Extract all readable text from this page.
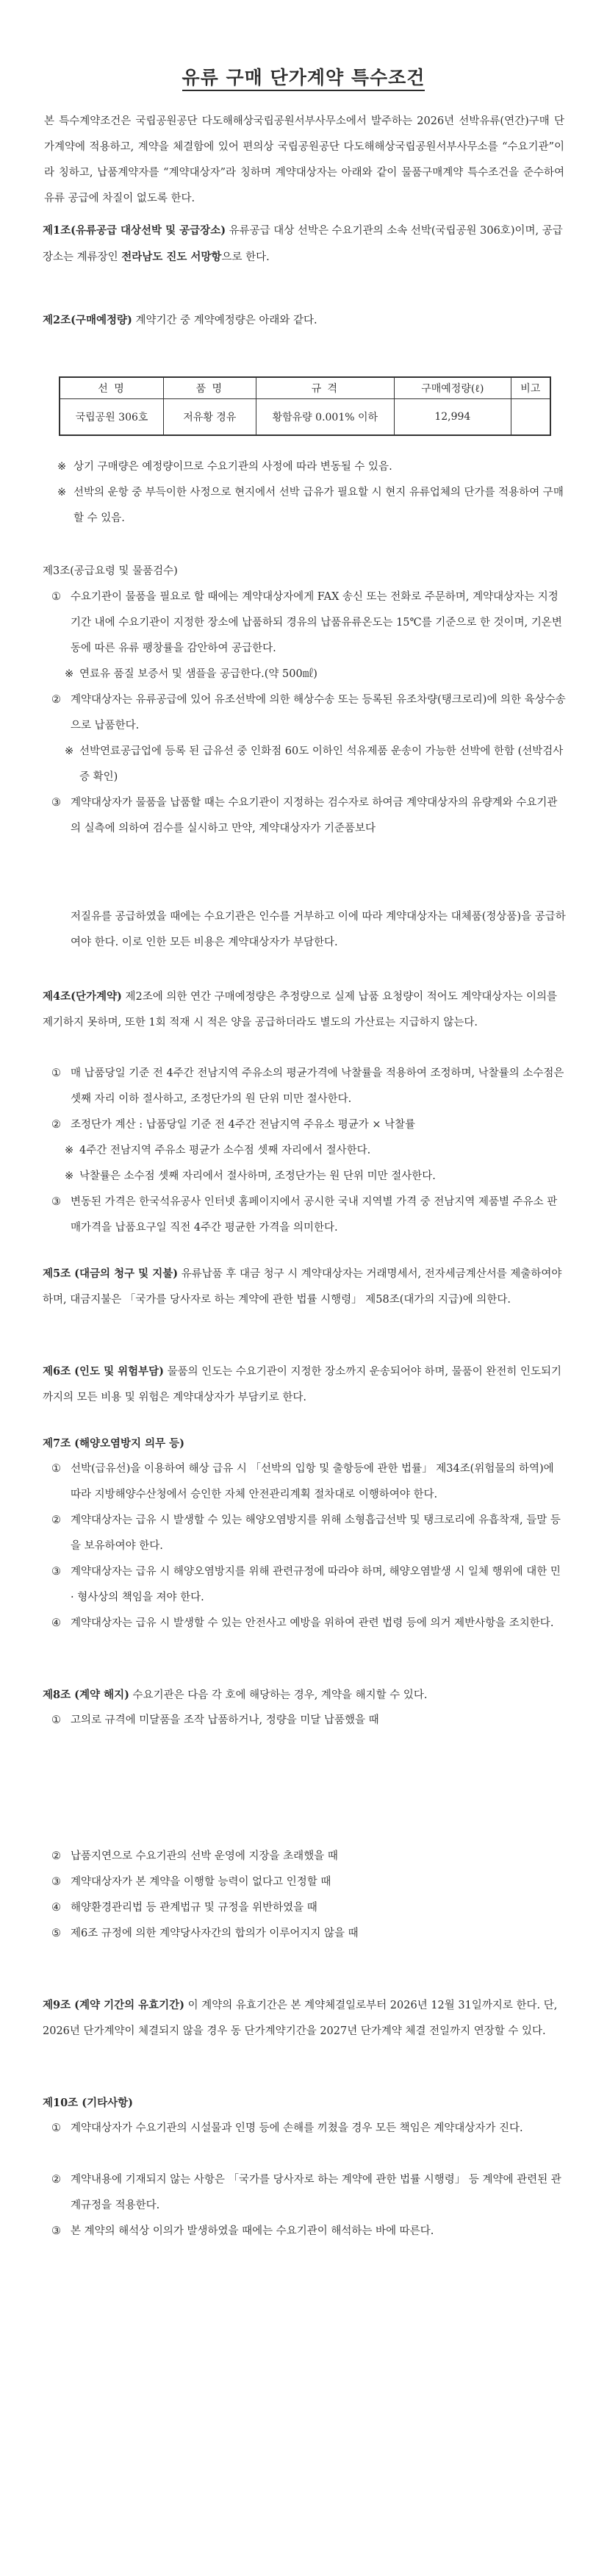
유류 구매 단가계약 특수조건

본 특수계약조건은 국립공원공단 다도해해상국립공원서부사무소에서 발주하는 2026년 선박유류(연간)구매 단가계약에 적용하고, 계약을 체결함에 있어 편의상 국립공원공단 다도해해상국립공원서부사무소를 “수요기관”이라 칭하고, 납품계약자를 “계약대상자”라 칭하며 계약대상자는 아래와 같이 물품구매계약 특수조건을 준수하여 유류 공급에 차질이 없도록 한다.

제1조(유류공급 대상선박 및 공급장소) 유류공급 대상 선박은 수요기관의 소속 선박(국립공원 306호)이며, 공급장소는 계류장인 전라남도 진도 서망항으로 한다.

제2조(구매예정량) 계약기간 중 계약예정량은 아래와 같다.

선 명	품 명	규 격	구매예정량(ℓ)	비고
국립공원 306호	저유황 경유	황함유량 0.001% 이하	12,994	

※ 상기 구매량은 예정량이므로 수요기관의 사정에 따라 변동될 수 있음.

※ 선박의 운항 중 부득이한 사정으로 현지에서 선박 급유가 필요할 시 현지 유류업체의 단가를 적용하여 구매할 수 있음.

제3조(공급요령 및 물품검수)

① 수요기관이 물품을 필요로 할 때에는 계약대상자에게 FAX 송신 또는 전화로 주문하며, 계약대상자는 지정기간 내에 수요기관이 지정한 장소에 납품하되 경유의 납품유류온도는 15℃를 기준으로 한 것이며, 기온변동에 따른 유류 팽창률을 감안하여 공급한다.

※ 연료유 품질 보증서 및 샘플을 공급한다.(약 500㎖)

② 계약대상자는 유류공급에 있어 유조선박에 의한 해상수송 또는 등록된 유조차량(탱크로리)에 의한 육상수송으로 납품한다.

※ 선박연료공급업에 등록 된 급유선 중 인화점 60도 이하인 석유제품 운송이 가능한 선박에 한함 (선박검사증 확인)

③ 계약대상자가 물품을 납품할 때는 수요기관이 지정하는 검수자로 하여금 계약대상자의 유량계와 수요기관의 실측에 의하여 검수를 실시하고 만약, 계약대상자가 기준품보다

저질유를 공급하였을 때에는 수요기관은 인수를 거부하고 이에 따라 계약대상자는 대체품(정상품)을 공급하여야 한다. 이로 인한 모든 비용은 계약대상자가 부담한다.

제4조(단가계약) 제2조에 의한 연간 구매예정량은 추정량으로 실제 납품 요청량이 적어도 계약대상자는 이의를 제기하지 못하며, 또한 1회 적재 시 적은 양을 공급하더라도 별도의 가산료는 지급하지 않는다.

① 매 납품당일 기준 전 4주간 전남지역 주유소의 평균가격에 낙찰률을 적용하여 조정하며, 낙찰률의 소수점은 셋째 자리 이하 절사하고, 조정단가의 원 단위 미만 절사한다.

② 조정단가 계산 : 납품당일 기준 전 4주간 전남지역 주유소 평균가 × 낙찰률

※ 4주간 전남지역 주유소 평균가 소수점 셋째 자리에서 절사한다.

※ 낙찰률은 소수점 셋째 자리에서 절사하며, 조정단가는 원 단위 미만 절사한다.

③ 변동된 가격은 한국석유공사 인터넷 홈페이지에서 공시한 국내 지역별 가격 중 전남지역 제품별 주유소 판매가격을 납품요구일 직전 4주간 평균한 가격을 의미한다.

제5조 (대금의 청구 및 지불) 유류납품 후 대금 청구 시 계약대상자는 거래명세서, 전자세금계산서를 제출하여야 하며, 대금지불은 「국가를 당사자로 하는 계약에 관한 법률 시행령」 제58조(대가의 지급)에 의한다.

제6조 (인도 및 위험부담) 물품의 인도는 수요기관이 지정한 장소까지 운송되어야 하며, 물품이 완전히 인도되기까지의 모든 비용 및 위험은 계약대상자가 부담키로 한다.

제7조 (해양오염방지 의무 등)

① 선박(급유선)을 이용하여 해상 급유 시 「선박의 입항 및 출항등에 관한 법률」 제34조(위험물의 하역)에 따라 지방해양수산청에서 승인한 자체 안전관리계획 절차대로 이행하여야 한다.

② 계약대상자는 급유 시 발생할 수 있는 해양오염방지를 위해 소형흡급선박 및 탱크로리에 유흡착재, 들말 등을 보유하여야 한다.

③ 계약대상자는 급유 시 해양오염방지를 위해 관련규정에 따라야 하며, 해양오염발생 시 일체 행위에 대한 민 · 형사상의 책임을 져야 한다.

④ 계약대상자는 급유 시 발생할 수 있는 안전사고 예방을 위하여 관련 법령 등에 의거 제반사항을 조치한다.

제8조 (계약 해지) 수요기관은 다음 각 호에 해당하는 경우, 계약을 해지할 수 있다.

① 고의로 규격에 미달품을 조작 납품하거나, 정량을 미달 납품했을 때

② 납품지연으로 수요기관의 선박 운영에 지장을 초래했을 때

③ 계약대상자가 본 계약을 이행할 능력이 없다고 인정할 때

④ 해양환경관리법 등 관계법규 및 규정을 위반하였을 때

⑤ 제6조 규정에 의한 계약당사자간의 합의가 이루어지지 않을 때

제9조 (계약 기간의 유효기간) 이 계약의 유효기간은 본 계약체결일로부터 2026년 12월 31일까지로 한다. 단, 2026년 단가계약이 체결되지 않을 경우 동 단가계약기간을 2027년 단가계약 체결 전일까지 연장할 수 있다.

제10조 (기타사항)

① 계약대상자가 수요기관의 시설물과 인명 등에 손해를 끼쳤을 경우 모든 책임은 계약대상자가 진다.

② 계약내용에 기재되지 않는 사항은 「국가를 당사자로 하는 계약에 관한 법률 시행령」 등 계약에 관련된 관계규정을 적용한다.

③ 본 계약의 해석상 이의가 발생하였을 때에는 수요기관이 해석하는 바에 따른다.
